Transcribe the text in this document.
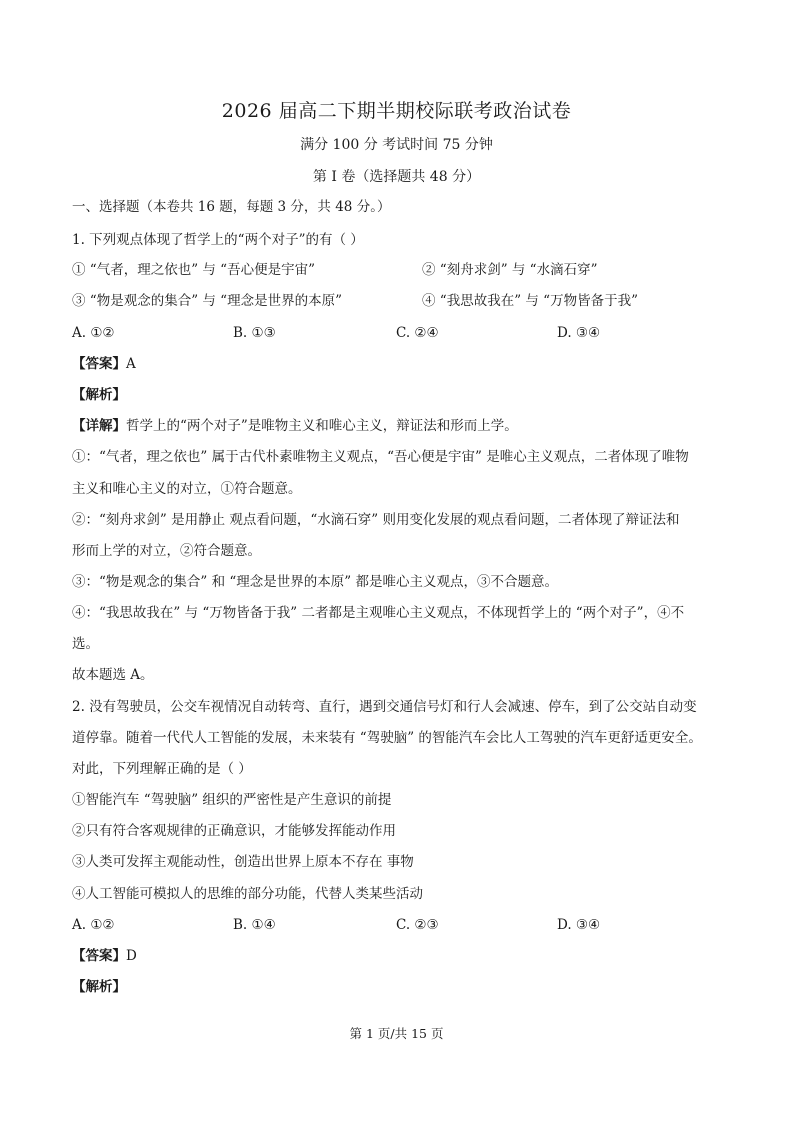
2026 届高二下期半期校际联考政治试卷
满分 100 分 考试时间 75 分钟
第 I 卷（选择题共 48 分）
一、选择题（本卷共 16 题，每题 3 分，共 48 分。）
1. 下列观点体现了哲学上的“两个对子”的有（ ）
① “气者，理之依也” 与 “吾心便是宇宙”	② “刻舟求剑” 与 “水滴石穿”
③ “物是观念的集合” 与 “理念是世界的本原”	④ “我思故我在” 与 “万物皆备于我”
A. ①②	B. ①③	C. ②④	D. ③④
【答案】A
【解析】
【详解】哲学上的“两个对子”是唯物主义和唯心主义，辩证法和形而上学。
①：“气者，理之依也” 属于古代朴素唯物主义观点，“吾心便是宇宙” 是唯心主义观点，二者体现了唯物
主义和唯心主义的对立，①符合题意。
②：“刻舟求剑” 是用静止 观点看问题，“水滴石穿” 则用变化发展的观点看问题，二者体现了辩证法和
形而上学的对立，②符合题意。
③：“物是观念的集合” 和 “理念是世界的本原” 都是唯心主义观点，③不合题意。
④：“我思故我在” 与 “万物皆备于我” 二者都是主观唯心主义观点，不体现哲学上的 “两个对子”，④不
选。
故本题选 A。
2. 没有驾驶员，公交车视情况自动转弯、直行，遇到交通信号灯和行人会减速、停车，到了公交站自动变
道停靠。随着一代代人工智能的发展，未来装有 “驾驶脑” 的智能汽车会比人工驾驶的汽车更舒适更安全。
对此，下列理解正确的是（ ）
①智能汽车 “驾驶脑” 组织的严密性是产生意识的前提
②只有符合客观规律的正确意识，才能够发挥能动作用
③人类可发挥主观能动性，创造出世界上原本不存在 事物
④人工智能可模拟人的思维的部分功能，代替人类某些活动
A. ①②	B. ①④	C. ②③	D. ③④
【答案】D
【解析】
第 1 页/共 15 页
